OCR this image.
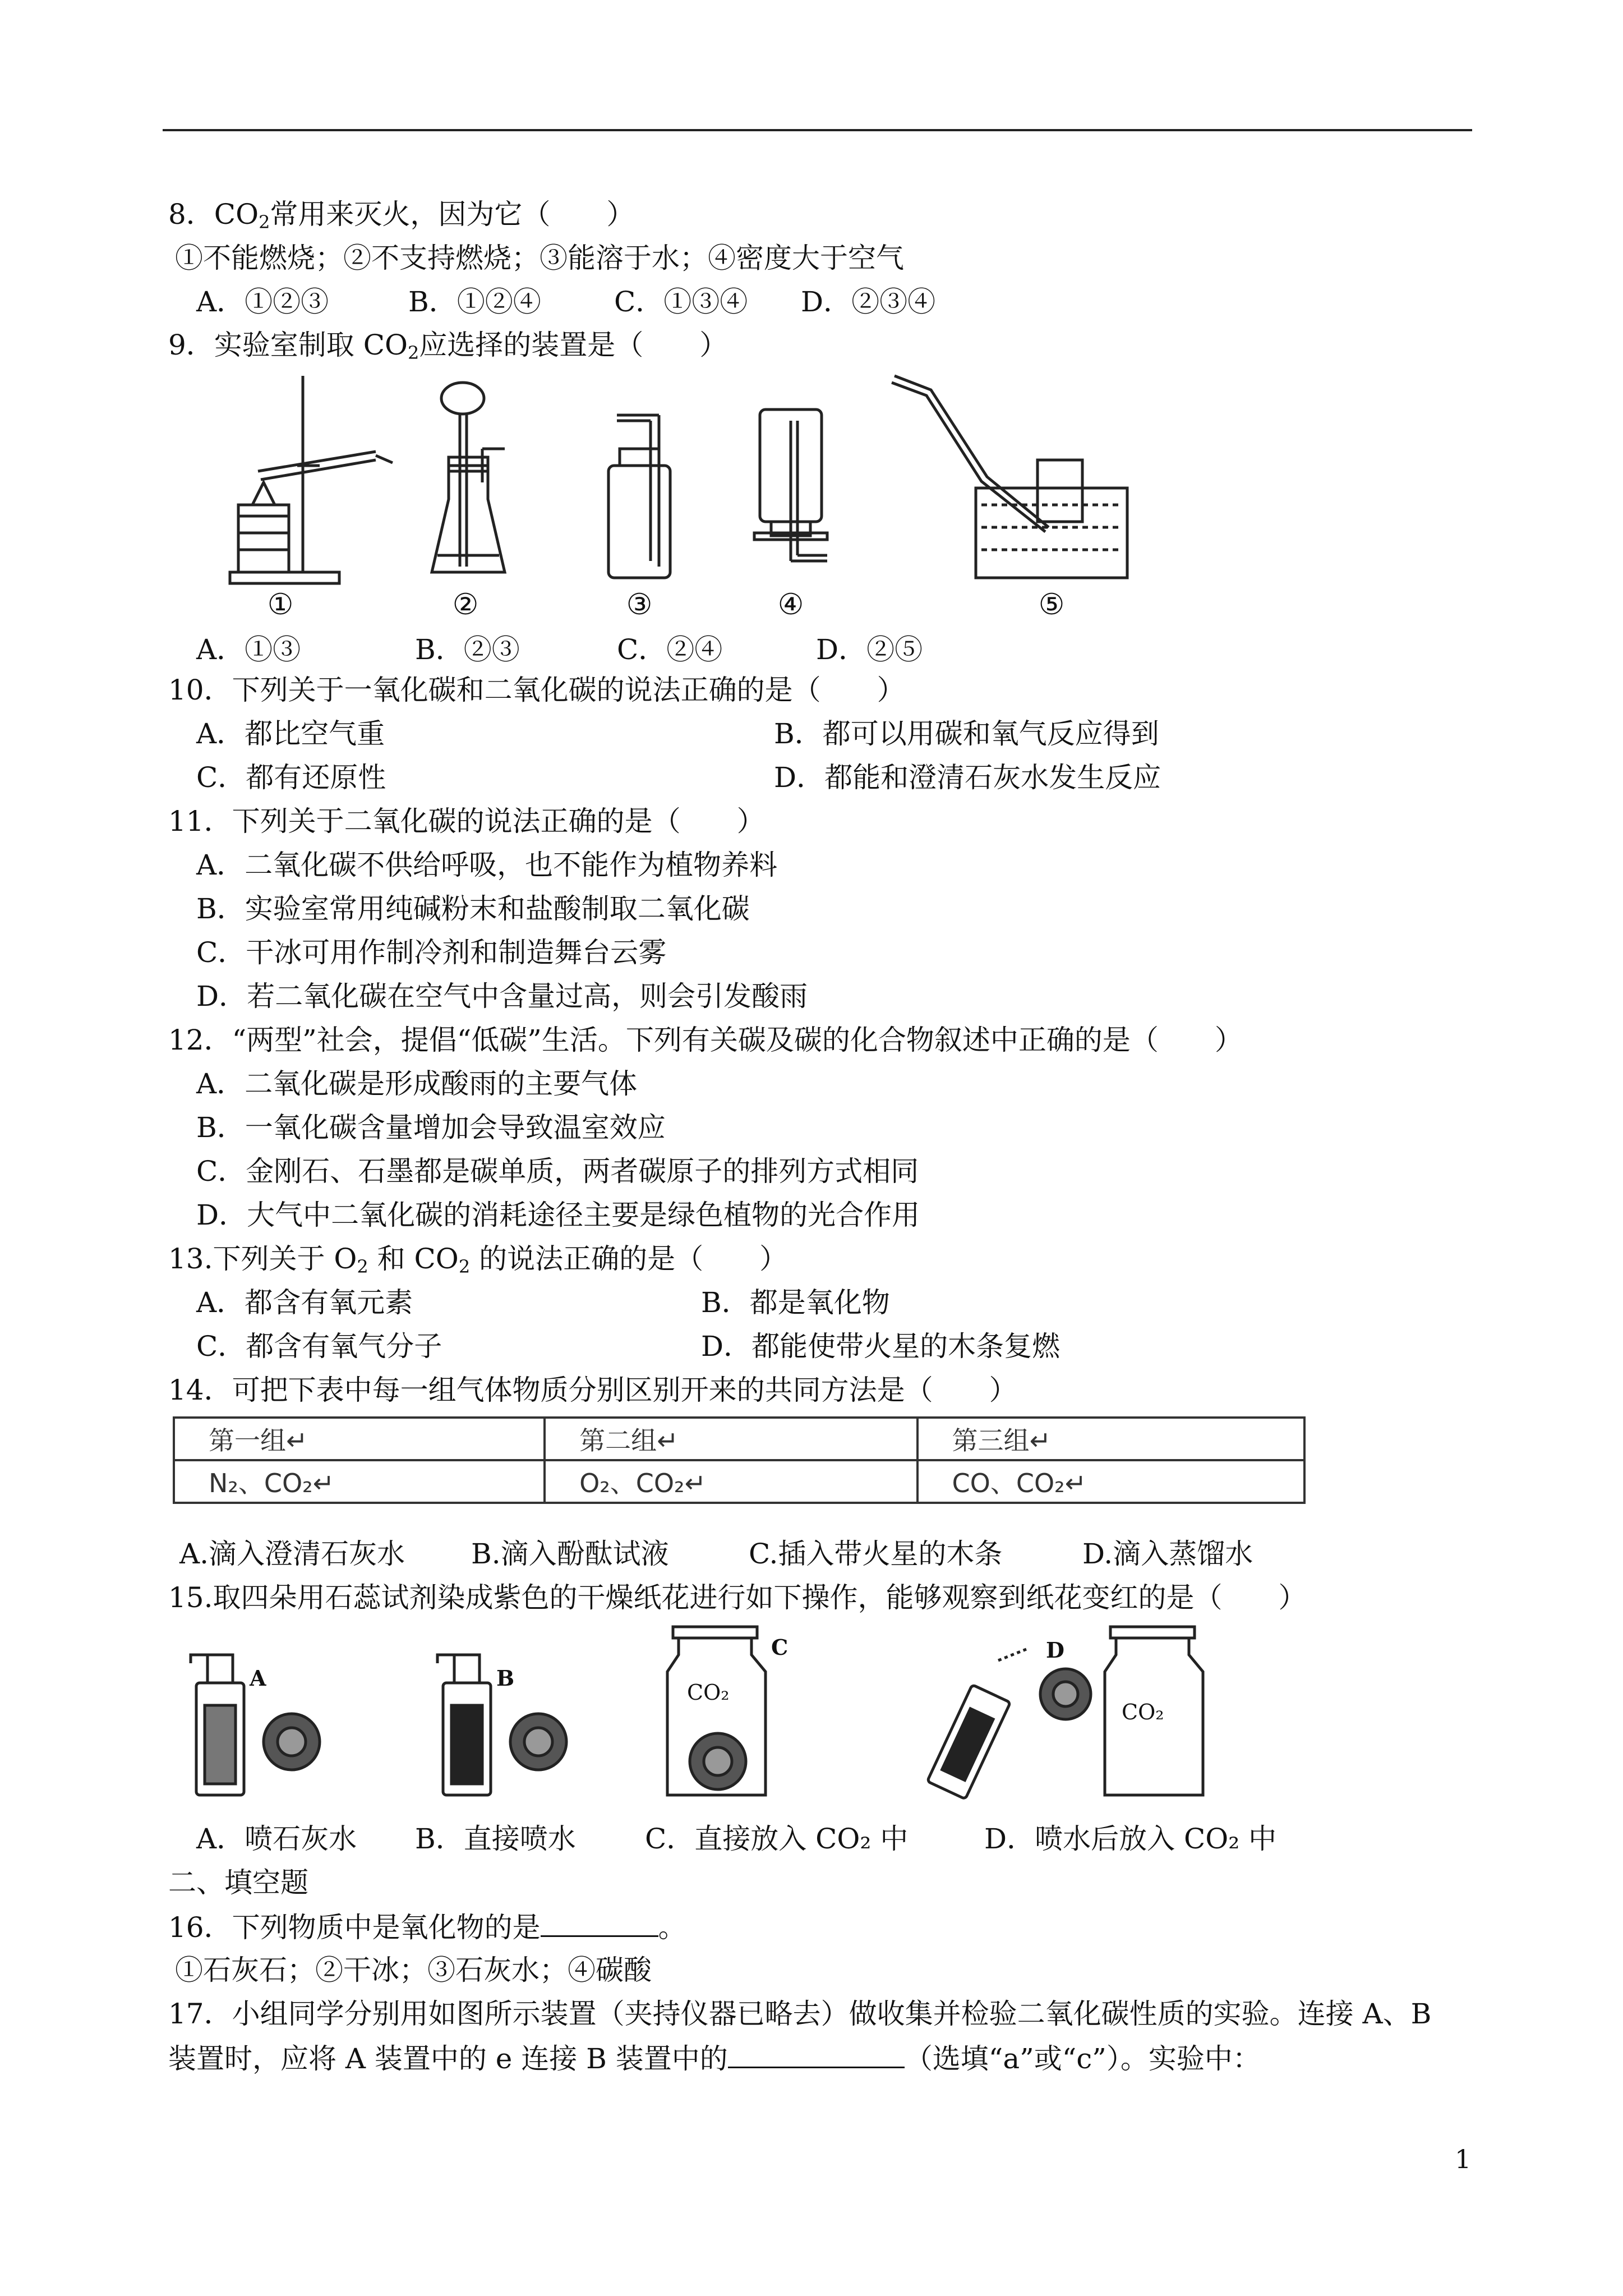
8．$CO_2$常用来灭火，因为它（　　）
①不能燃烧；②不支持燃烧；③能溶于水；④密度大于空气
A．①②③	B．①②④	C．①③④ D．②③④
9．实验室制取 $CO_2$应选择的装置是（　　）
①	②	③	④	⑤
A．①③	B．②③	C．②④	D．②⑤
10．下列关于一氧化碳和二氧化碳的说法正确的是（　　）
A．都比空气重	B．都可以用碳和氧气反应得到
C．都有还原性	D．都能和澄清石灰水发生反应
11．下列关于二氧化碳的说法正确的是（　　）
A．二氧化碳不供给呼吸，也不能作为植物养料
B．实验室常用纯碱粉末和盐酸制取二氧化碳
C．干冰可用作制冷剂和制造舞台云雾
D．若二氧化碳在空气中含量过高，则会引发酸雨
12．“两型”社会，提倡“低碳”生活。下列有关碳及碳的化合物叙述中正确的是（　　）
A．二氧化碳是形成酸雨的主要气体
B．一氧化碳含量增加会导致温室效应
C．金刚石、石墨都是碳单质，两者碳原子的排列方式相同
D．大气中二氧化碳的消耗途径主要是绿色植物的光合作用
13.下列关于 $O_2$ 和 $CO_2$ 的说法正确的是（　　）
A．都含有氧元素	B．都是氧化物
C．都含有氧气分子	D．都能使带火星的木条复燃
14．可把下表中每一组气体物质分别区别开来的共同方法是（　　）
第一组↵	第二组↵	第三组↵
N₂、CO₂↵	O₂、CO₂↵	CO、CO₂↵
A.滴入澄清石灰水 B.滴入酚酞试液	C.插入带火星的木条	D.滴入蒸馏水
15.取四朵用石蕊试剂染成紫色的干燥纸花进行如下操作，能够观察到纸花变红的是（　　）
A	B
C	D
CO₂
CO₂
A．喷石灰水 B．直接喷水 C．直接放入 CO₂ 中	D．喷水后放入 CO₂ 中
二、填空题
16．下列物质中是氧化物的是	。
①石灰石；②干冰；③石灰水；④碳酸
17．小组同学分别用如图所示装置（夹持仪器已略去）做收集并检验二氧化碳性质的实验。连接 A、B
装置时，应将 A 装置中的 e 连接 B 装置中的	（选填“a”或“c”）。实验中：
1
